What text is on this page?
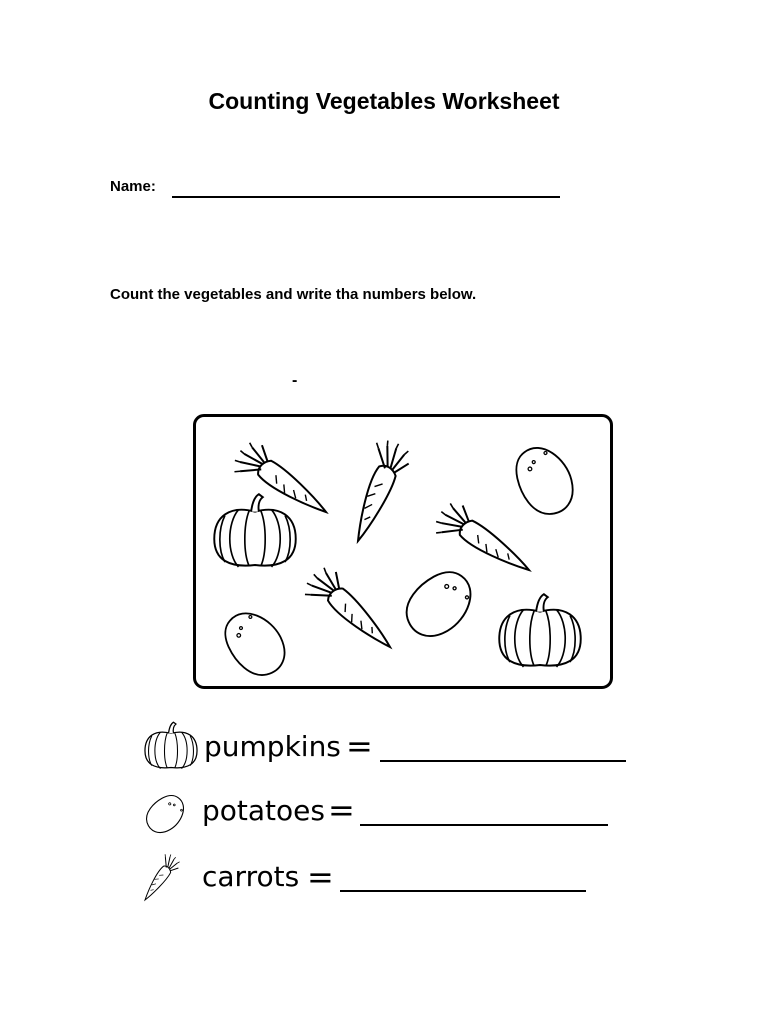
Counting Vegetables Worksheet
Name:
Count the vegetables and write tha numbers below.
-
pumpkins =
potatoes =
carrots =
